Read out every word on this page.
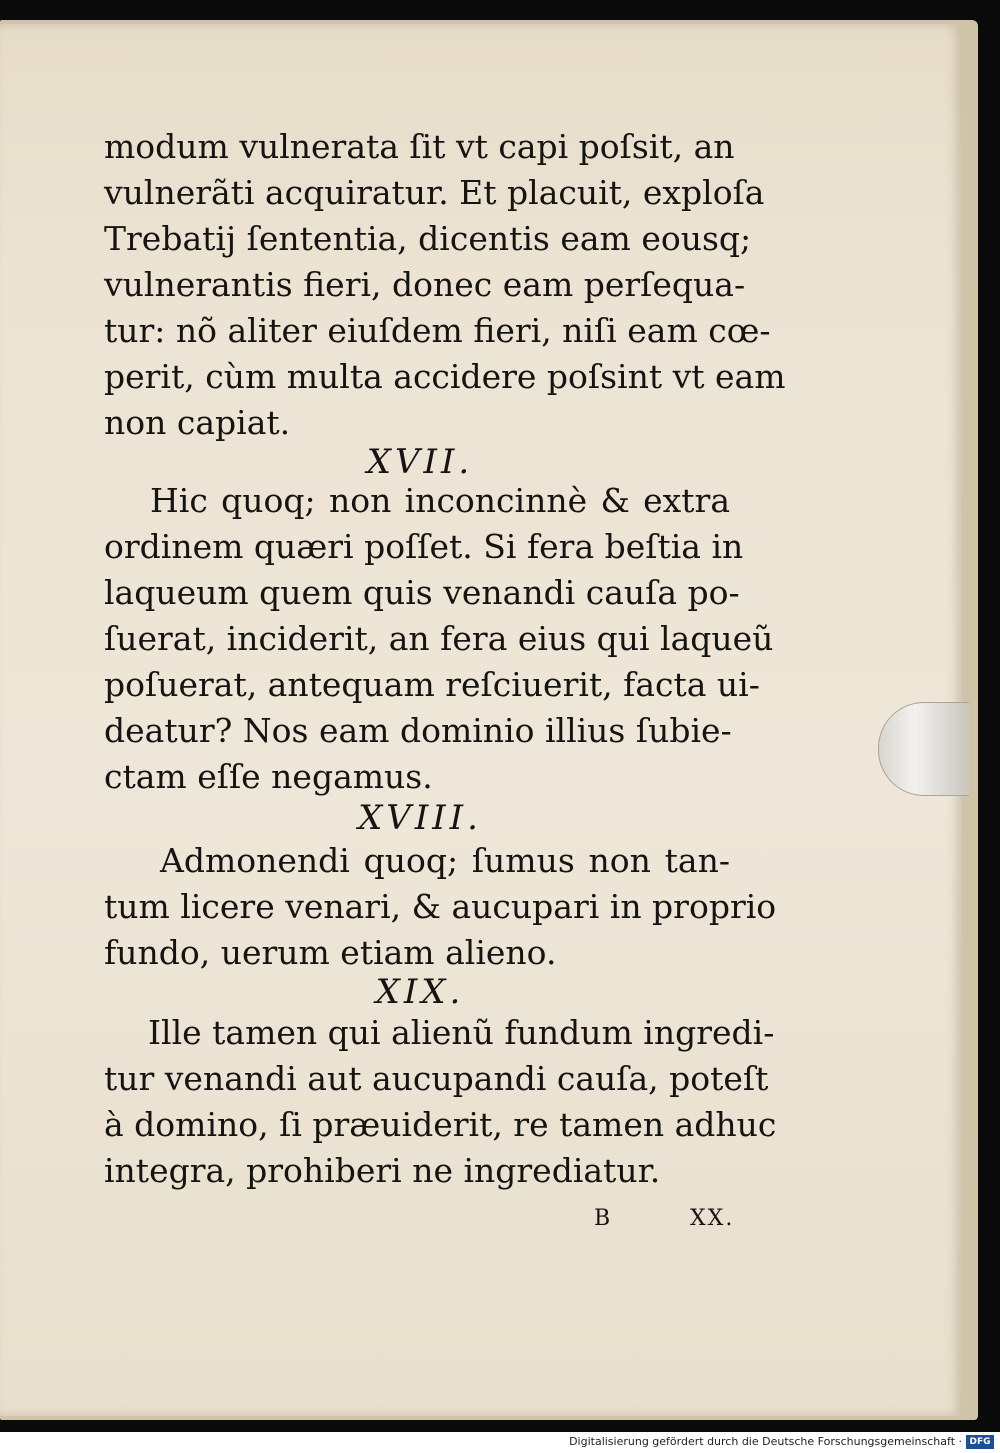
modum vulnerata ſit vt capi poſsit, an
vulnerãti acquiratur. Et placuit, exploſa
Trebatij ſententia, dicentis eam eousq;
vulnerantis fieri, donec eam perſequa-
tur: nõ aliter eiuſdem fieri, niſi eam cœ-
perit, cùm multa accidere poſsint vt eam
non capiat.
XVII.
Hic quoq; non inconcinnè & extra
ordinem quæri poſſet. Si fera beſtia in
laqueum quem quis venandi cauſa po-
ſuerat, inciderit, an fera eius qui laqueũ
poſuerat, antequam reſciuerit, facta ui-
deatur? Nos eam dominio illius ſubie-
ctam eſſe negamus.
XVIII.
Admonendi quoq; ſumus non tan-
tum licere venari, & aucupari in proprio
fundo, uerum etiam alieno.
XIX.
Ille tamen qui alienũ fundum ingredi-
tur venandi aut aucupandi cauſa, poteſt
à domino, ſi præuiderit, re tamen adhuc
integra, prohiberi ne ingrediatur.
B	XX.
Digitalisierung gefördert durch die Deutsche Forschungsgemeinschaft · DFG
